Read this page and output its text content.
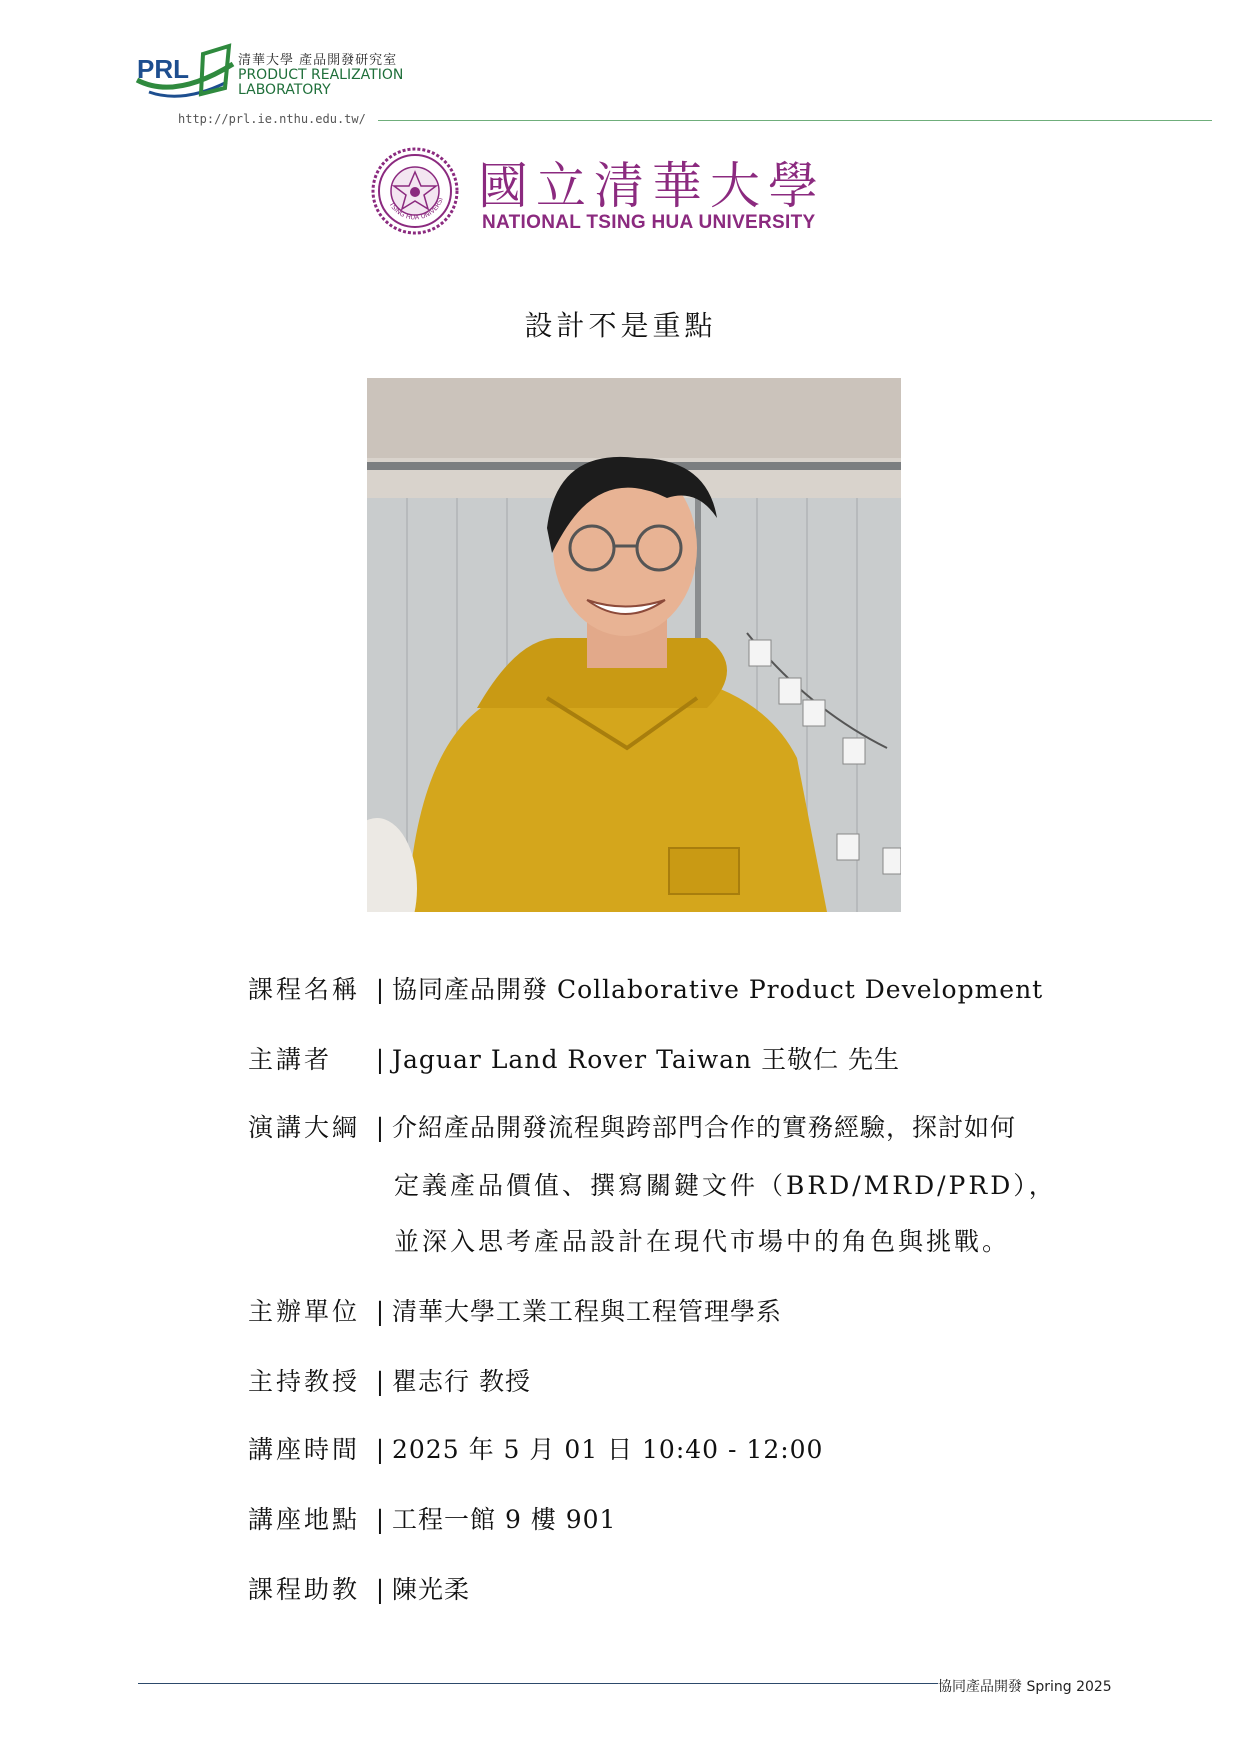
PRL	清華大學 產品開發研究室
PRODUCT REALIZATION
LABORATORY
http://prl.ie.nthu.edu.tw/
TSING HUA UNIVERSI 國立清華大學
NATIONAL TSING HUA UNIVERSITY
設計不是重點
課程名稱 | 協同產品開發 Collaborative Product Development
主講者 | Jaguar Land Rover Taiwan 王敬仁 先生
演講大綱 | 介紹產品開發流程與跨部門合作的實務經驗，探討如何
定義產品價值、撰寫關鍵文件（BRD/MRD/PRD），
並深入思考產品設計在現代市場中的角色與挑戰。
主辦單位 | 清華大學工業工程與工程管理學系
主持教授 | 瞿志行 教授
講座時間 | 2025 年 5 月 01 日 10:40 - 12:00
講座地點 | 工程一館 9 樓 901
課程助教 | 陳光柔
協同產品開發 Spring 2025
